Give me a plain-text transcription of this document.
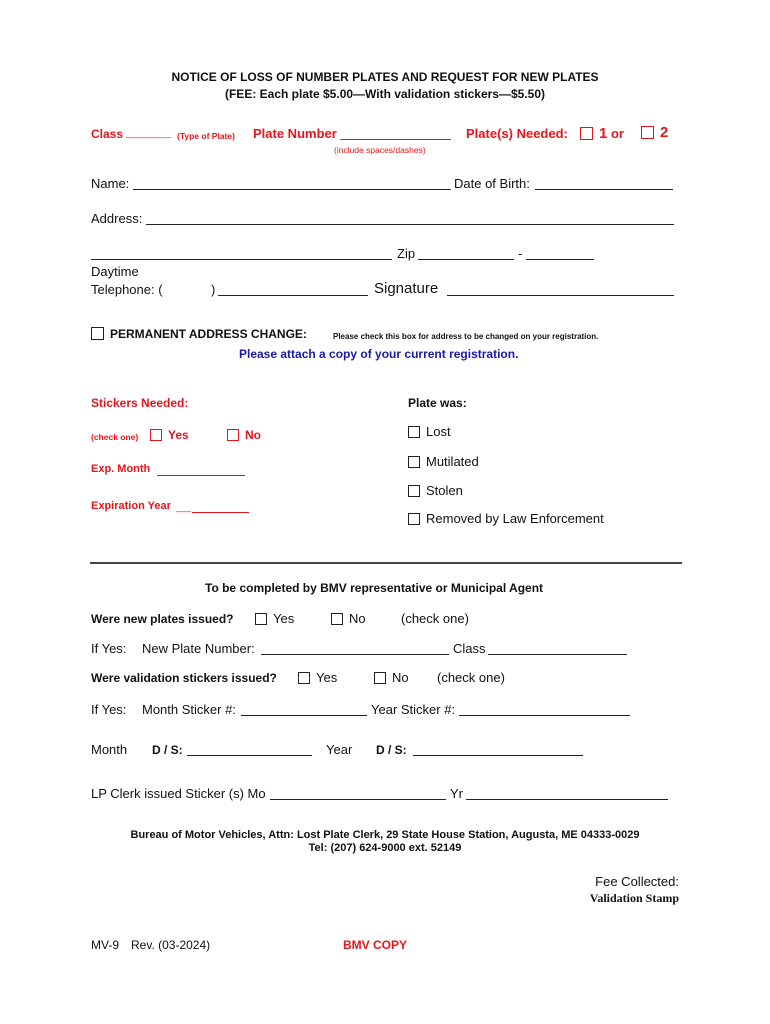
NOTICE OF LOSS OF NUMBER PLATES AND REQUEST FOR NEW PLATES
(FEE: Each plate $5.00—With validation stickers—$5.50)
Class _________ (Type of Plate) Plate Number
(include spaces/dashes)
Plate(s) Needed:	1 or	2
Name:	Date of Birth:
Address:
Zip	-
Daytime
Telephone: (	)	Signature
PERMANENT ADDRESS CHANGE:	Please check this box for address to be changed on your registration.
Please attach a copy of your current registration.
Stickers Needed:
(check one)	Yes	No
Exp. Month
Expiration Year ___
Plate was:
Lost
Mutilated
Stolen
Removed by Law Enforcement
To be completed by BMV representative or Municipal Agent
Were new plates issued?	Yes	No	(check one)
If Yes: New Plate Number:	Class
Were validation stickers issued?	Yes	No (check one)
If Yes: Month Sticker #:	Year Sticker #:
Month D / S:	Year D / S:
LP Clerk issued Sticker (s) Mo	Yr
Bureau of Motor Vehicles, Attn: Lost Plate Clerk, 29 State House Station, Augusta, ME 04333-0029
Tel: (207) 624-9000 ext. 52149
Fee Collected:
Validation Stamp
MV-9 Rev. (03-2024)	BMV COPY
